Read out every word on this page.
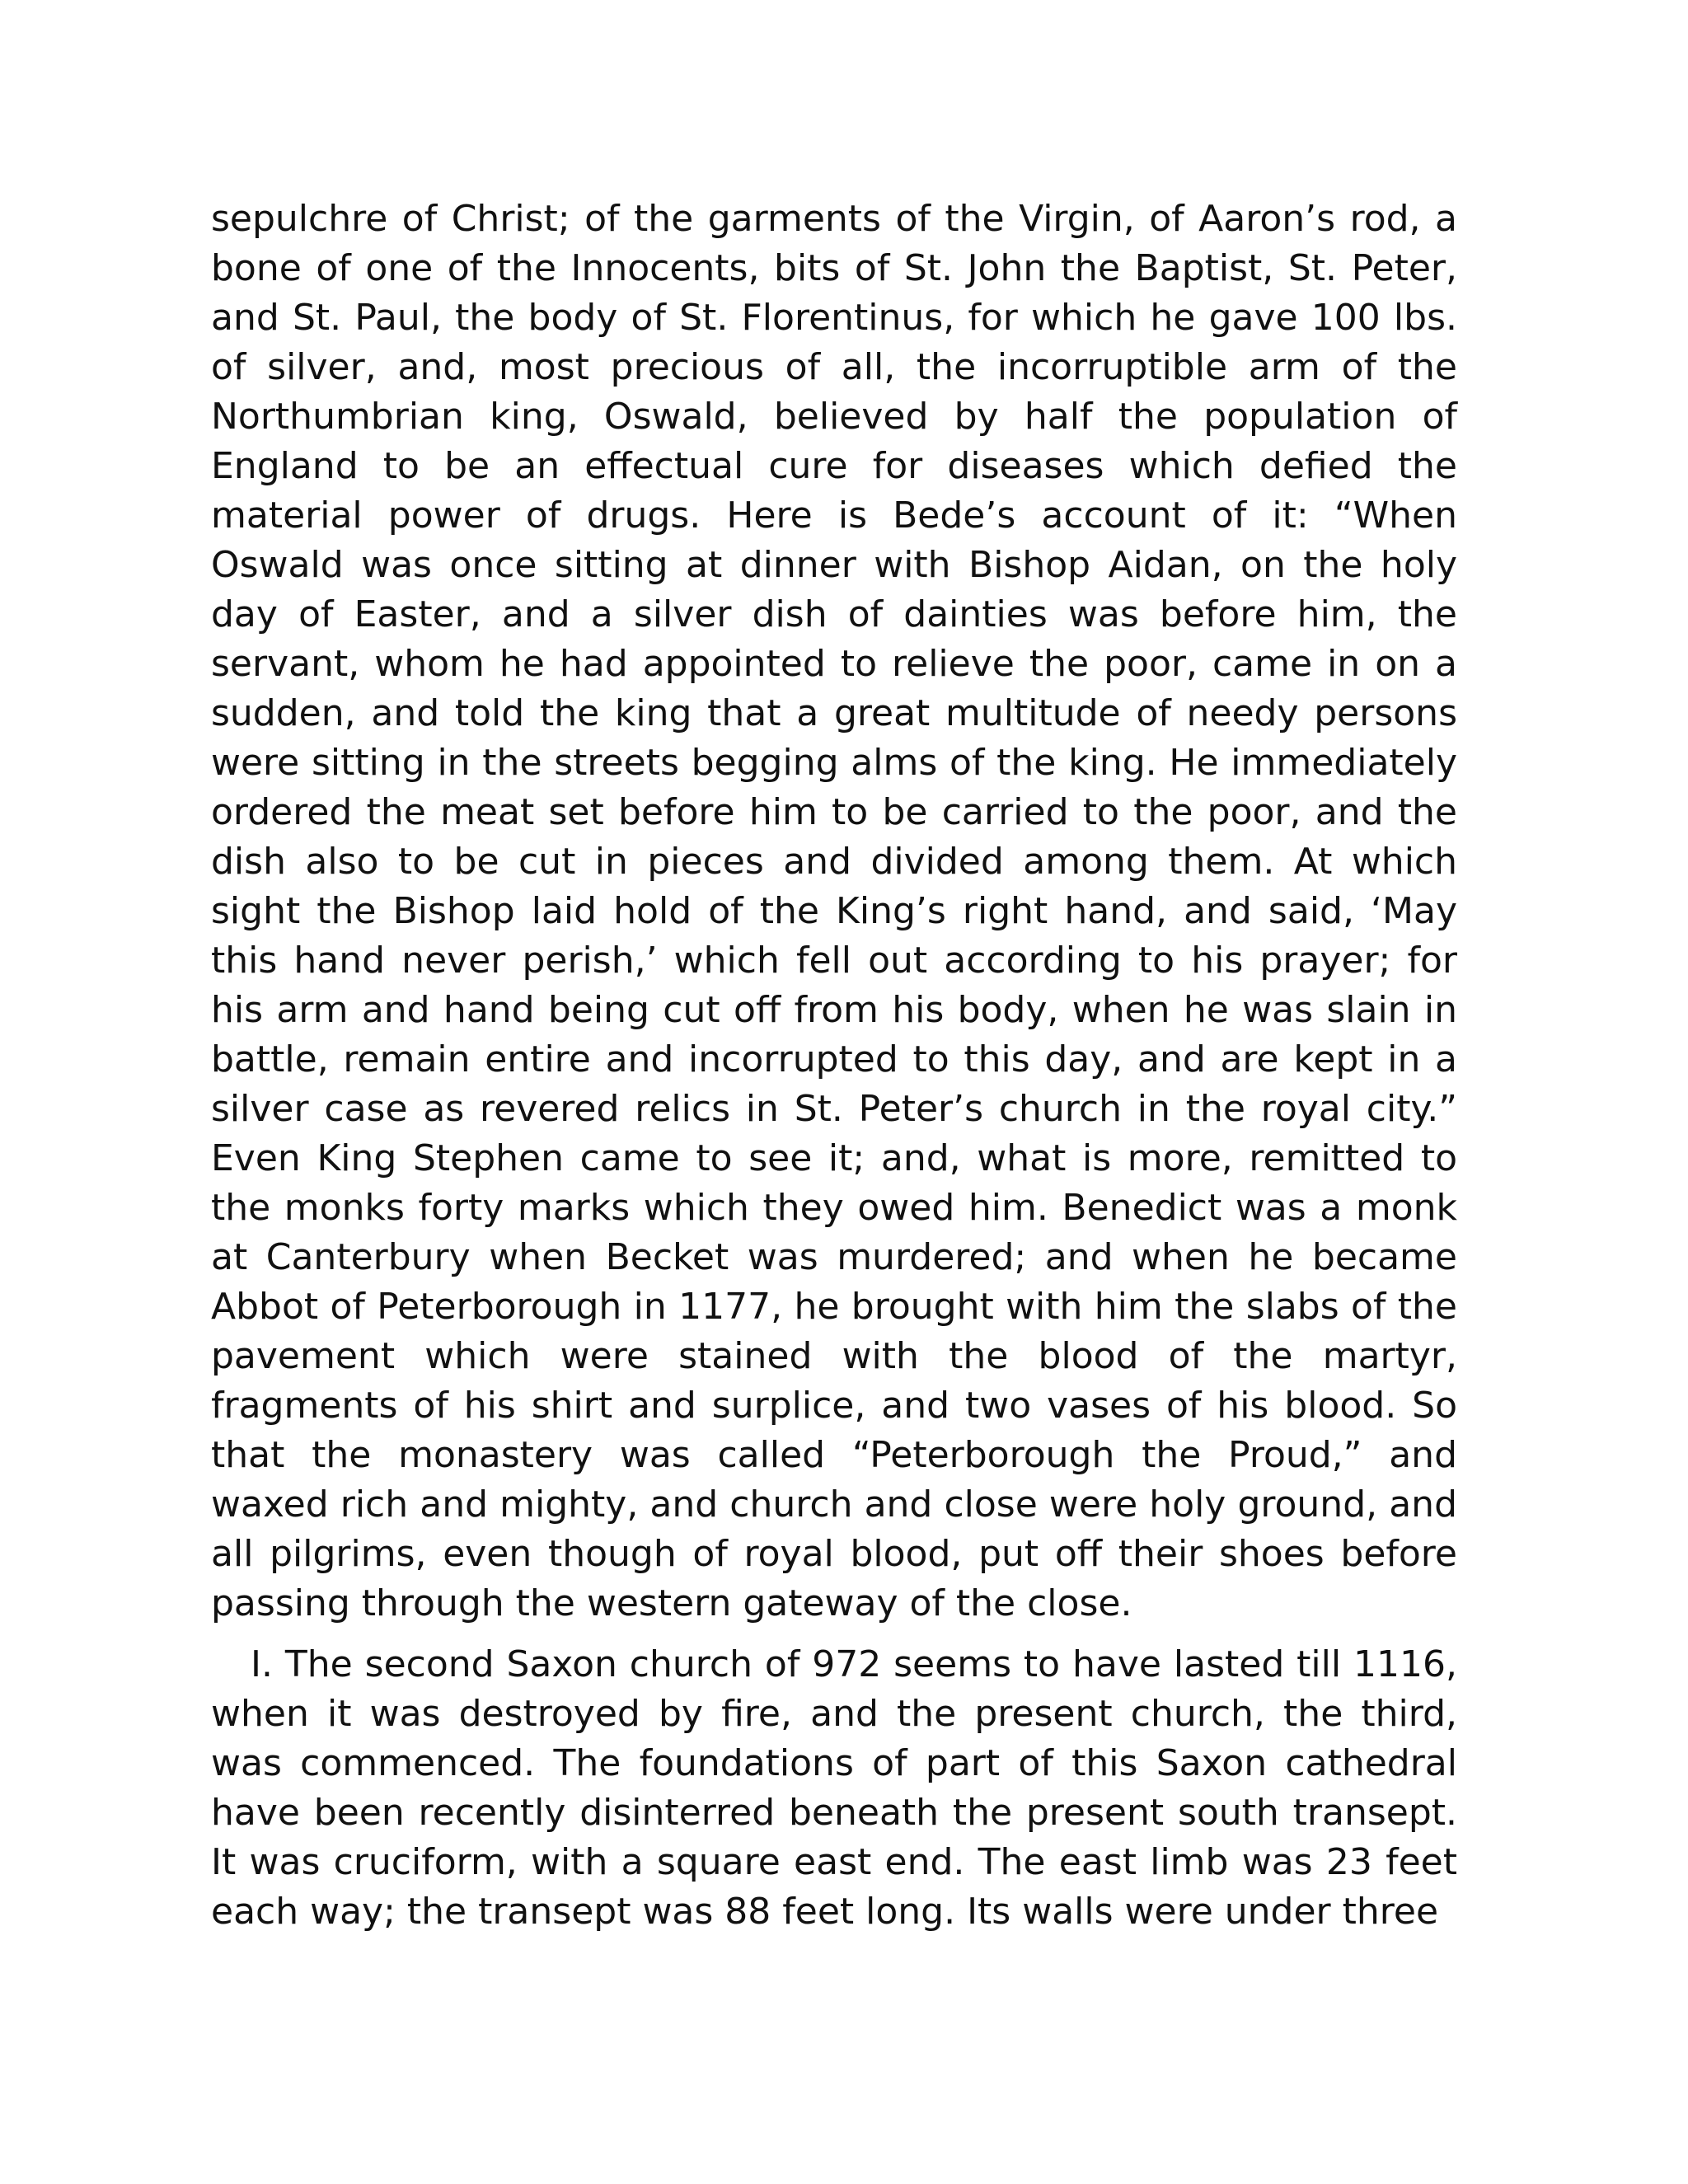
sepulchre of Christ; of the garments of the Virgin, of Aaron’s rod, a bone of one of the Innocents, bits of St. John the Baptist, St. Peter, and St. Paul, the body of St. Florentinus, for which he gave 100 lbs. of silver, and, most precious of all, the incorruptible arm of the Northumbrian king, Oswald, believed by half the population of England to be an effectual cure for diseases which defied the material power of drugs. Here is Bede’s account of it: “When Oswald was once sitting at dinner with Bishop Aidan, on the holy day of Easter, and a silver dish of dainties was before him, the servant, whom he had appointed to relieve the poor, came in on a sudden, and told the king that a great multitude of needy persons were sitting in the streets begging alms of the king. He immediately ordered the meat set before him to be carried to the poor, and the dish also to be cut in pieces and divided among them. At which sight the Bishop laid hold of the King’s right hand, and said, ‘May this hand never perish,’ which fell out according to his prayer; for his arm and hand being cut off from his body, when he was slain in battle, remain entire and incorrupted to this day, and are kept in a silver case as revered relics in St. Peter’s church in the royal city.” Even King Stephen came to see it; and, what is more, remitted to the monks forty marks which they owed him. Benedict was a monk at Canterbury when Becket was murdered; and when he became Abbot of Peterborough in 1177, he brought with him the slabs of the pavement which were stained with the blood of the martyr, fragments of his shirt and surplice, and two vases of his blood. So that the monastery was called “Peterborough the Proud,” and waxed rich and mighty, and church and close were holy ground, and all pilgrims, even though of royal blood, put off their shoes before passing through the western gateway of the close.

I. The second Saxon church of 972 seems to have lasted till 1116, when it was destroyed by fire, and the present church, the third, was commenced. The foundations of part of this Saxon cathedral have been recently disinterred beneath the present south transept. It was cruciform, with a square east end. The east limb was 23 feet each way; the transept was 88 feet long. Its walls were under three
